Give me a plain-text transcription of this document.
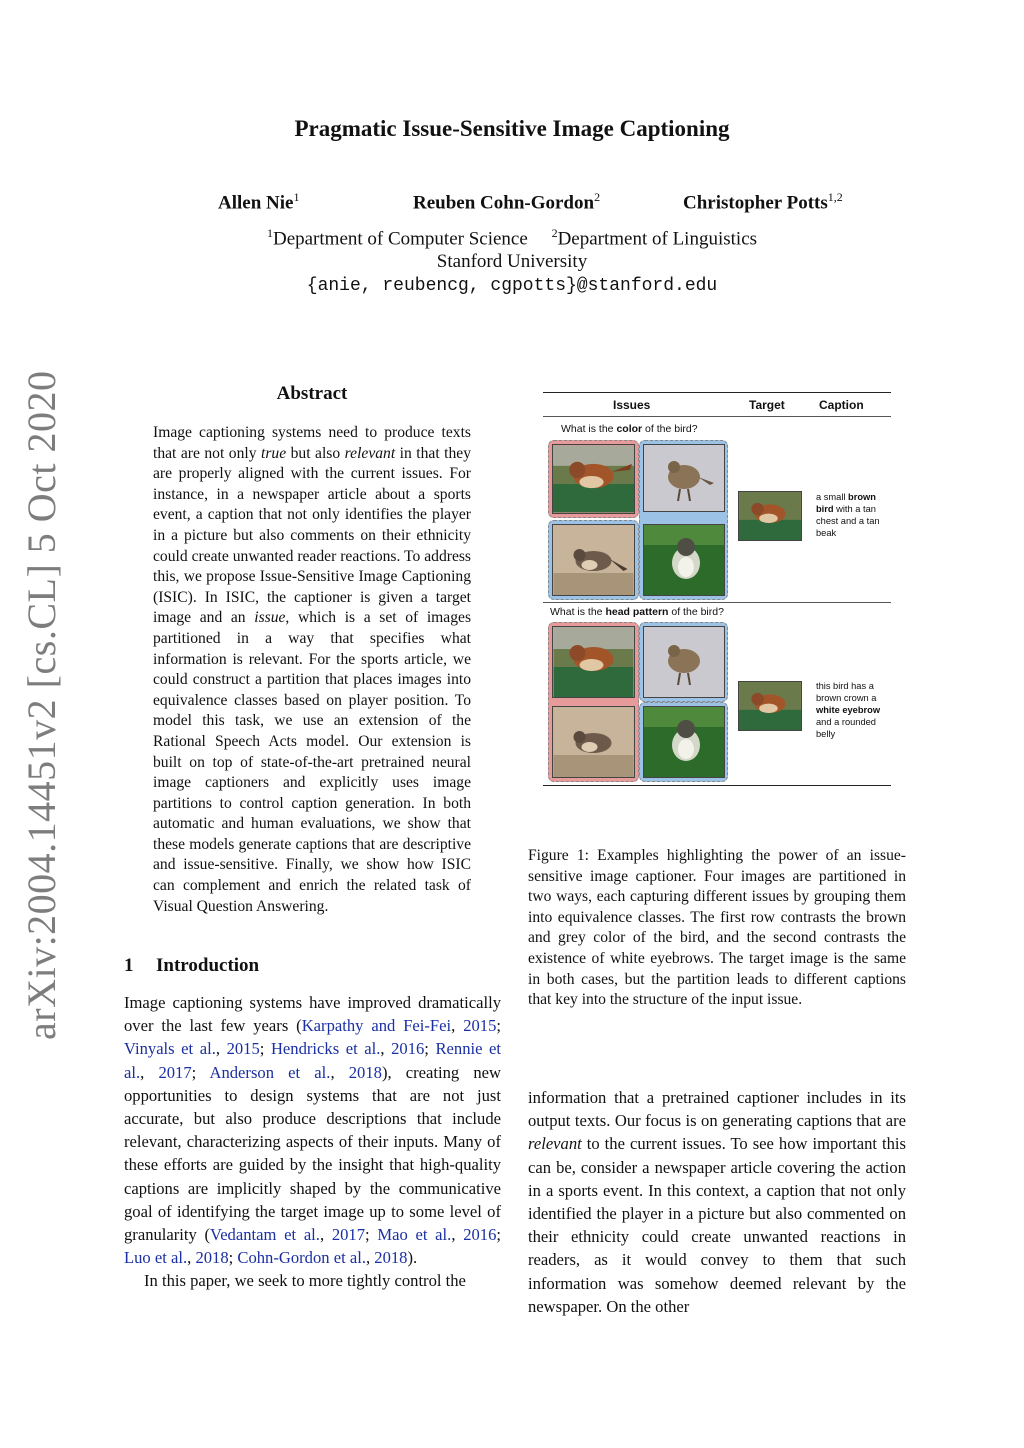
arXiv:2004.14451v2 [cs.CL] 5 Oct 2020
Pragmatic Issue-Sensitive Image Captioning
Allen Nie$^1$	Reuben Cohn-Gordon$^2$	Christopher Potts$^{1,2}$
$^1$Department of Computer Science $^2$Department of Linguistics
Stanford University
{anie, reubencg, cgpotts}@stanford.edu
Abstract
Image captioning systems need to produce texts that are not only true but also relevant in that they are properly aligned with the current issues. For instance, in a newspaper article about a sports event, a caption that not only identifies the player in a picture but also comments on their ethnicity could create unwanted reader reactions. To address this, we propose Issue-Sensitive Image Captioning (ISIC). In ISIC, the captioner is given a target image and an issue, which is a set of images partitioned in a way that specifies what information is relevant. For the sports article, we could construct a partition that places images into equivalence classes based on player position. To model this task, we use an extension of the Rational Speech Acts model. Our extension is built on top of state-of-the-art pretrained neural image captioners and explicitly uses image partitions to control caption generation. In both automatic and human evaluations, we show that these models generate captions that are descriptive and issue-sensitive. Finally, we show how ISIC can complement and enrich the related task of Visual Question Answering.
1 Introduction

Image captioning systems have improved dramatically over the last few years (Karpathy and Fei-Fei, 2015; Vinyals et al., 2015; Hendricks et al., 2016; Rennie et al., 2017; Anderson et al., 2018), creating new opportunities to design systems that are not just accurate, but also produce descriptions that include relevant, characterizing aspects of their inputs. Many of these efforts are guided by the insight that high-quality captions are implicitly shaped by the communicative goal of identifying the target image up to some level of granularity (Vedantam et al., 2017; Mao et al., 2016; Luo et al., 2018; Cohn-Gordon et al., 2018).

In this paper, we seek to more tightly control the

Issues	Target	Caption
What is the color of the bird?
a small brown bird with a tan chest and a tan beak
What is the head pattern of the bird?
this bird has a brown crown a white eyebrow and a rounded belly
Figure 1: Examples highlighting the power of an issue-sensitive image captioner. Four images are partitioned in two ways, each capturing different issues by grouping them into equivalence classes. The first row contrasts the brown and grey color of the bird, and the second contrasts the existence of white eyebrows. The target image is the same in both cases, but the partition leads to different captions that key into the structure of the input issue.
information that a pretrained captioner includes in its output texts. Our focus is on generating captions that are relevant to the current issues. To see how important this can be, consider a newspaper article covering the action in a sports event. In this context, a caption that not only identified the player in a picture but also commented on their ethnicity could create unwanted reactions in readers, as it would convey to them that such information was somehow deemed relevant by the newspaper. On the other
